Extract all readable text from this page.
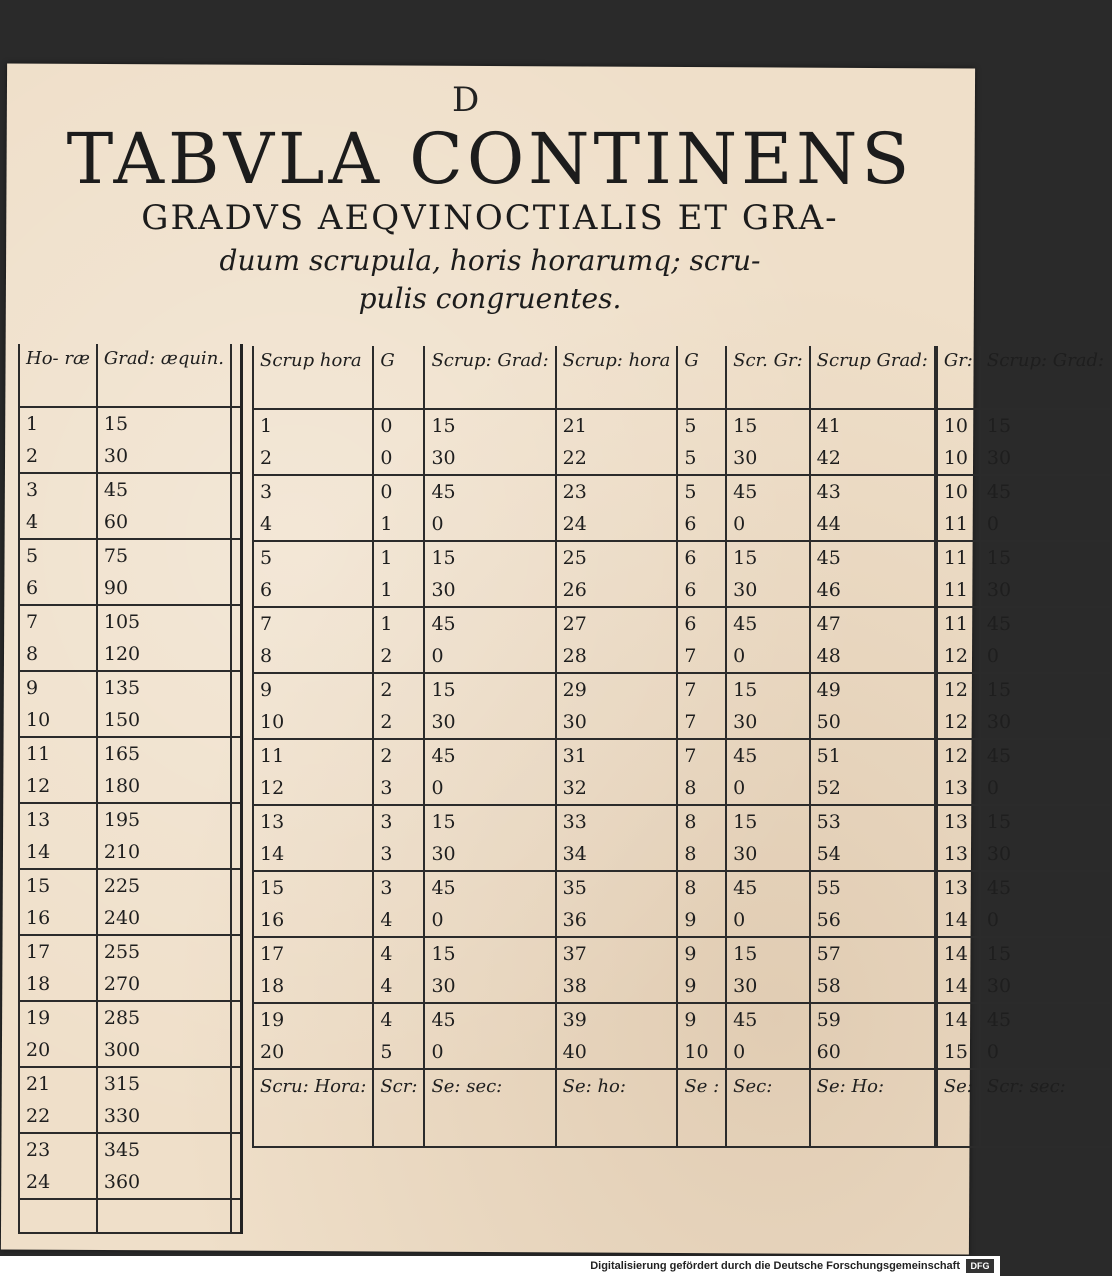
D
TABVLA CONTINENS
GRADVS AEQVINOCTIALIS ET GRA-
duum scrupula, horis horarumq; scru-
pulis congruentes.
Ho- ræ	Grad: æquin.	
1	15	
2	30	
3	45	
4	60	
5	75	
6	90	
7	105	
8	120	
9	135	
10	150	
11	165	
12	180	
13	195	
14	210	
15	225	
16	240	
17	255	
18	270	
19	285	
20	300	
21	315	
22	330	
23	345	
24	360	

Scrup hora	G	Scrup: Grad:	Scrup: hora	G	Scr. Gr:	Scrup Grad:		Gr:	Scrup: Grad:
1	0	15	21	5	15	41		10	15
2	0	30	22	5	30	42		10	30
3	0	45	23	5	45	43		10	45
4	1	0	24	6	0	44		11	0
5	1	15	25	6	15	45		11	15
6	1	30	26	6	30	46		11	30
7	1	45	27	6	45	47		11	45
8	2	0	28	7	0	48		12	0
9	2	15	29	7	15	49		12	15
10	2	30	30	7	30	50		12	30
11	2	45	31	7	45	51		12	45
12	3	0	32	8	0	52		13	0
13	3	15	33	8	15	53		13	15
14	3	30	34	8	30	54		13	30
15	3	45	35	8	45	55		13	45
16	4	0	36	9	0	56		14	0
17	4	15	37	9	15	57		14	15
18	4	30	38	9	30	58		14	30
19	4	45	39	9	45	59		14	45
20	5	0	40	10	0	60		15	0
Scru: Hora:	Scr:	Se: sec:	Se: ho:	Se :	Sec:	Se: Ho:		Se:	Scr: sec:
Digitalisierung gefördert durch die Deutsche Forschungsgemeinschaft	DFG
